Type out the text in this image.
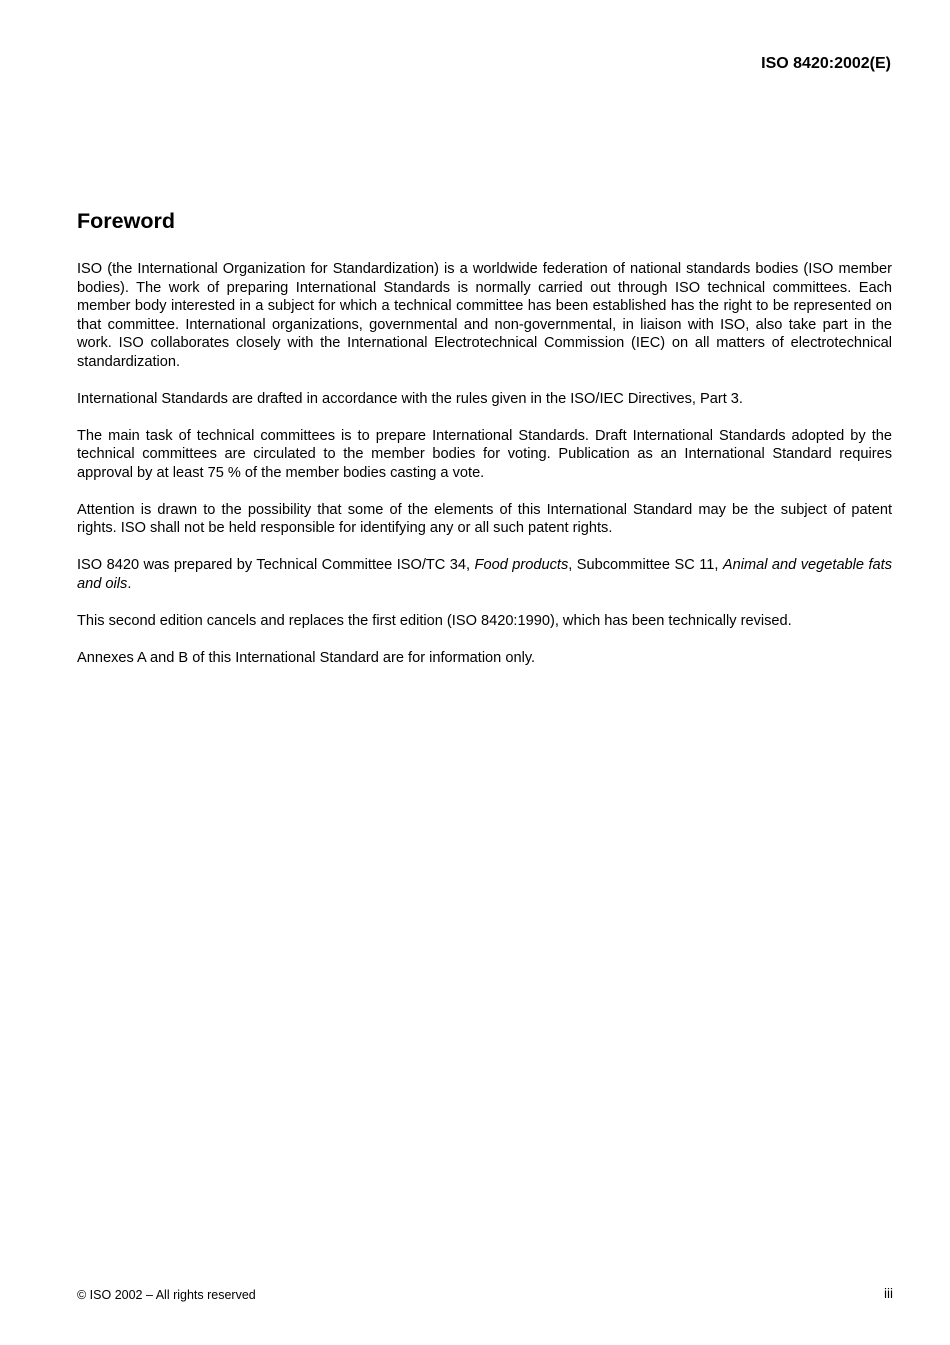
ISO 8420:2002(E)

Foreword

ISO (the International Organization for Standardization) is a worldwide federation of national standards bodies (ISO member bodies). The work of preparing International Standards is normally carried out through ISO technical committees. Each member body interested in a subject for which a technical committee has been established has the right to be represented on that committee. International organizations, governmental and non-governmental, in liaison with ISO, also take part in the work. ISO collaborates closely with the International Electrotechnical Commission (IEC) on all matters of electrotechnical standardization.

International Standards are drafted in accordance with the rules given in the ISO/IEC Directives, Part 3.

The main task of technical committees is to prepare International Standards. Draft International Standards adopted by the technical committees are circulated to the member bodies for voting. Publication as an International Standard requires approval by at least 75 % of the member bodies casting a vote.

Attention is drawn to the possibility that some of the elements of this International Standard may be the subject of patent rights. ISO shall not be held responsible for identifying any or all such patent rights.

ISO 8420 was prepared by Technical Committee ISO/TC 34, Food products, Subcommittee SC 11, Animal and vegetable fats and oils.

This second edition cancels and replaces the first edition (ISO 8420:1990), which has been technically revised.

Annexes A and B of this International Standard are for information only.

© ISO 2002 – All rights reserved	iii
